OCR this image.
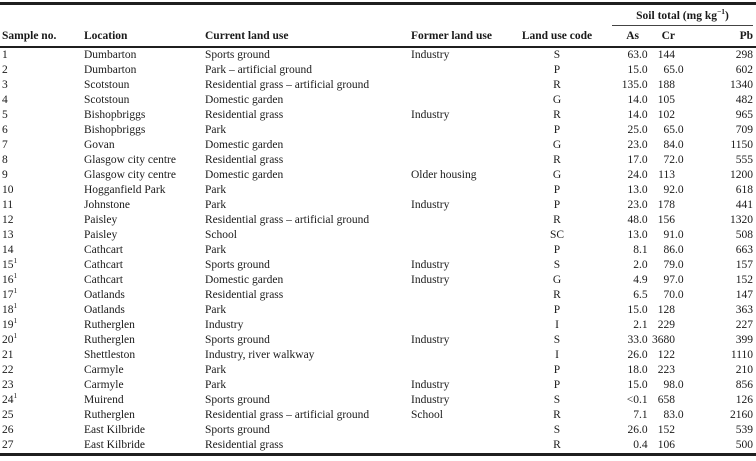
					Soil total (mg $kg^{-1}$)		

Sample no.	Location	Current land use	Former land use	Land use code	As	Cr	Pb
1	Dumbarton	Sports ground	Industry	S	63.0	144	298
2	Dumbarton	Park – artificial ground		P	15.0	65.0	602
3	Scotstoun	Residential grass – artificial ground		R	135.0	188	1340
4	Scotstoun	Domestic garden		G	14.0	105	482
5	Bishopbriggs	Residential grass	Industry	R	14.0	102	965
6	Bishopbriggs	Park		P	25.0	65.0	709
7	Govan	Domestic garden		G	23.0	84.0	1150
8	Glasgow city centre	Residential grass		R	17.0	72.0	555
9	Glasgow city centre	Domestic garden	Older housing	G	24.0	113	1200
10	Hogganfield Park	Park		P	13.0	92.0	618
11	Johnstone	Park	Industry	P	23.0	178	441
12	Paisley	Residential grass – artificial ground		R	48.0	156	1320
13	Paisley	School		SC	13.0	91.0	508
14	Cathcart	Park		P	8.1	86.0	663
15$^1$	Cathcart	Sports ground	Industry	S	2.0	79.0	157
16$^1$	Cathcart	Domestic garden	Industry	G	4.9	97.0	152
17$^1$	Oatlands	Residential grass		R	6.5	70.0	147
18$^1$	Oatlands	Park		P	15.0	128	363
19$^1$	Rutherglen	Industry		I	2.1	229	227
20$^1$	Rutherglen	Sports ground	Industry	S	33.0	3680	399
21	Shettleston	Industry, river walkway		I	26.0	122	1110
22	Carmyle	Park		P	18.0	223	210
23	Carmyle	Park	Industry	P	15.0	98.0	856
24$^1$	Muirend	Sports ground	Industry	S	<0.1	658	126
25	Rutherglen	Residential grass – artificial ground	School	R	7.1	83.0	2160
26	East Kilbride	Sports ground		S	26.0	152	539
27	East Kilbride	Residential grass		R	0.4	106	500
